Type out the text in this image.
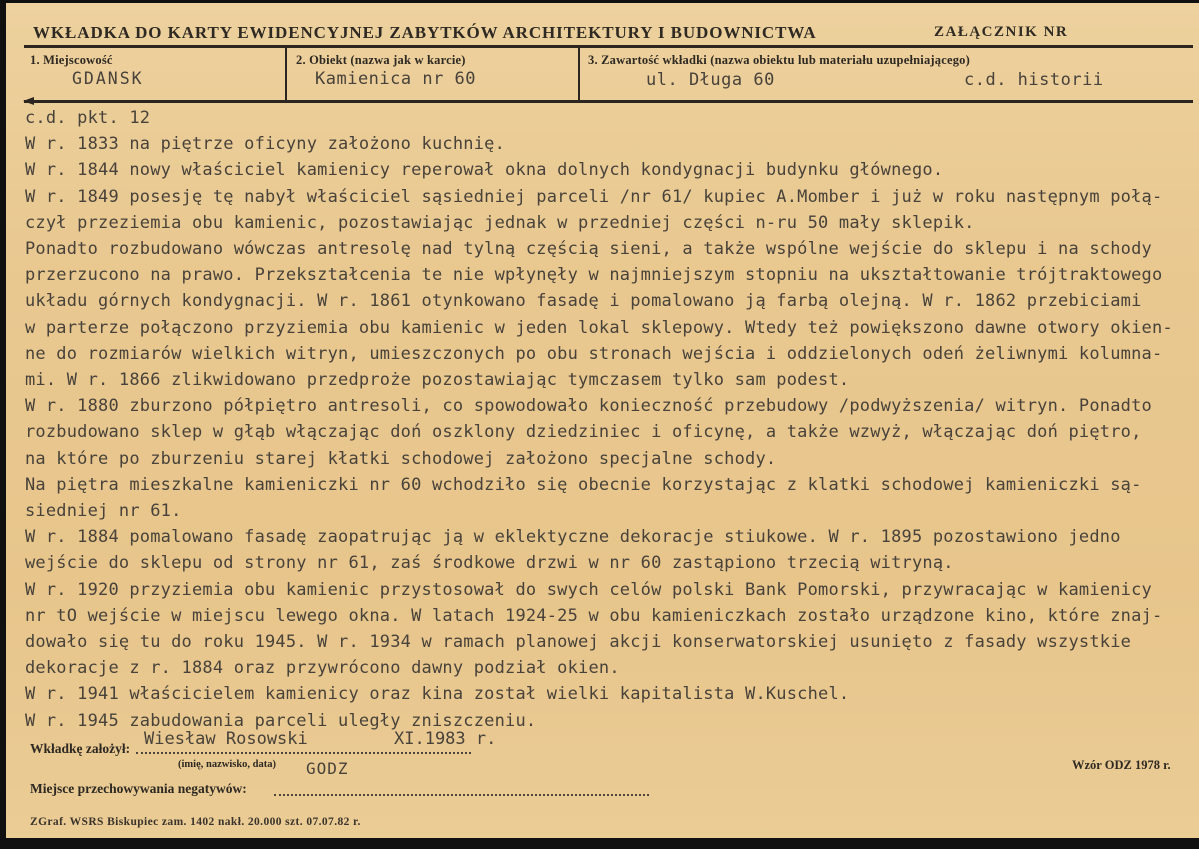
WKŁADKA DO KARTY EWIDENCYJNEJ ZABYTKÓW ARCHITEKTURY I BUDOWNICTWA	ZAŁĄCZNIK NR
1. Miejscowość
GDANSK
2. Obiekt (nazwa jak w karcie)
Kamienica nr 60
3. Zawartość wkładki (nazwa obiektu lub materiału uzupełniającego)
ul. Długa 60	c.d. historii
c.d. pkt. 12
W r. 1833 na piętrze oficyny założono kuchnię.
W r. 1844 nowy właściciel kamienicy reperował okna dolnych kondygnacji budynku głównego.
W r. 1849 posesję tę nabył właściciel sąsiedniej parceli /nr 61/ kupiec A.Momber i już w roku następnym połą-
czył przeziemia obu kamienic, pozostawiając jednak w przedniej części n-ru 50 mały sklepik.
Ponadto rozbudowano wówczas antresolę nad tylną częścią sieni, a także wspólne wejście do sklepu i na schody
przerzucono na prawo. Przekształcenia te nie wpłynęły w najmniejszym stopniu na ukształtowanie trójtraktowego
układu górnych kondygnacji. W r. 1861 otynkowano fasadę i pomalowano ją farbą olejną. W r. 1862 przebiciami
w parterze połączono przyziemia obu kamienic w jeden lokal sklepowy. Wtedy też powiększono dawne otwory okien-
ne do rozmiarów wielkich witryn, umieszczonych po obu stronach wejścia i oddzielonych odeń żeliwnymi kolumna-
mi. W r. 1866 zlikwidowano przedproże pozostawiając tymczasem tylko sam podest.
W r. 1880 zburzono półpiętro antresoli, co spowodowało konieczność przebudowy /podwyższenia/ witryn. Ponadto
rozbudowano sklep w głąb włączając doń oszklony dziedziniec i oficynę, a także wzwyż, włączając doń piętro,
na które po zburzeniu starej kłatki schodowej założono specjalne schody.
Na piętra mieszkalne kamieniczki nr 60 wchodziło się obecnie korzystając z klatki schodowej kamieniczki są-
siedniej nr 61.
W r. 1884 pomalowano fasadę zaopatrując ją w eklektyczne dekoracje stiukowe. W r. 1895 pozostawiono jedno
wejście do sklepu od strony nr 61, zaś środkowe drzwi w nr 60 zastąpiono trzecią witryną.
W r. 1920 przyziemia obu kamienic przystosował do swych celów polski Bank Pomorski, przywracając w kamienicy
nr tO wejście w miejscu lewego okna. W latach 1924-25 w obu kamieniczkach zostało urządzone kino, które znaj-
dowało się tu do roku 1945. W r. 1934 w ramach planowej akcji konserwatorskiej usunięto z fasady wszystkie
dekoracje z r. 1884 oraz przywrócono dawny podział okien.
W r. 1941 właścicielem kamienicy oraz kina został wielki kapitalista W.Kuschel.
W r. 1945 zabudowania parceli uległy zniszczeniu.
Wkładkę założył: Wiesław Rosowski	XI.1983 r.
(imię, nazwisko, data) GODZ
Miejsce przechowywania negatywów:
Wzór ODZ 1978 r.
ZGraf. WSRS Biskupiec zam. 1402 nakł. 20.000 szt. 07.07.82 r.
